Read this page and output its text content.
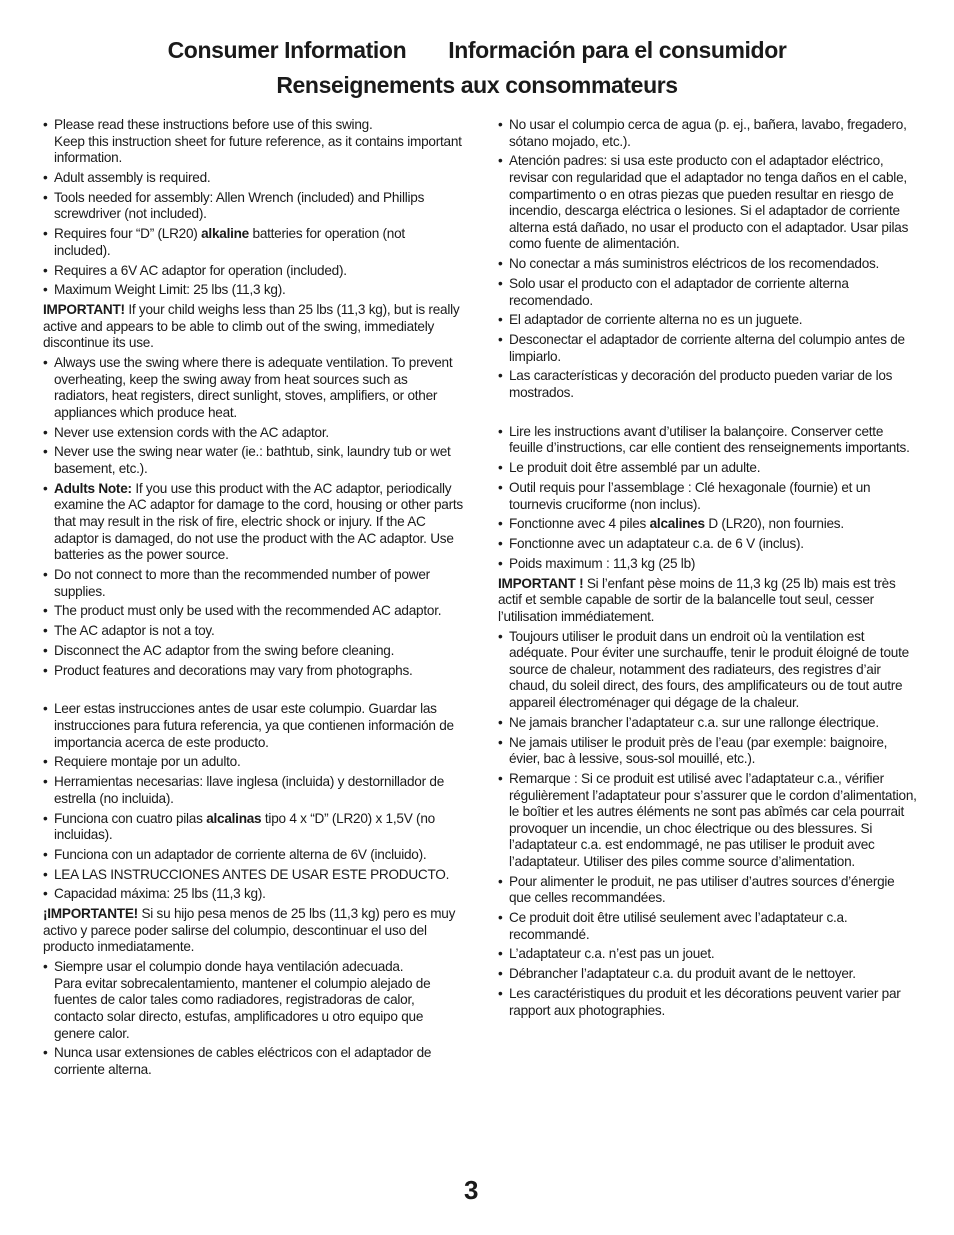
Consumer Information Información para el consumidor
Renseignements aux consommateurs
• Please read these instructions before use of this swing.
Keep this instruction sheet for future reference, as it contains important information.
• Adult assembly is required.
• Tools needed for assembly: Allen Wrench (included) and Phillips screwdriver (not included).
• Requires four “D” (LR20) alkaline batteries for operation (not included).
• Requires a 6V AC adaptor for operation (included).
• Maximum Weight Limit: 25 lbs (11,3 kg).
IMPORTANT! If your child weighs less than 25 lbs (11,3 kg), but is really active and appears to be able to climb out of the swing, immediately discontinue its use.
• Always use the swing where there is adequate ventilation. To prevent overheating, keep the swing away from heat sources such as radiators, heat registers, direct sunlight, stoves, amplifiers, or other appliances which produce heat.
• Never use extension cords with the AC adaptor.
• Never use the swing near water (ie.: bathtub, sink, laundry tub or wet basement, etc.).
• Adults Note: If you use this product with the AC adaptor, periodically examine the AC adaptor for damage to the cord, housing or other parts that may result in the risk of fire, electric shock or injury. If the AC adaptor is damaged, do not use the product with the AC adaptor. Use batteries as the power source.
• Do not connect to more than the recommended number of power supplies.
• The product must only be used with the recommended AC adaptor.
• The AC adaptor is not a toy.
• Disconnect the AC adaptor from the swing before cleaning.
• Product features and decorations may vary from photographs.
• Leer estas instrucciones antes de usar este columpio. Guardar las instrucciones para futura referencia, ya que contienen información de importancia acerca de este producto.
• Requiere montaje por un adulto.
• Herramientas necesarias: llave inglesa (incluida) y destornillador de estrella (no incluida).
• Funciona con cuatro pilas alcalinas tipo 4 x “D” (LR20) x 1,5V (no incluidas).
• Funciona con un adaptador de corriente alterna de 6V (incluido).
• LEA LAS INSTRUCCIONES ANTES DE USAR ESTE PRODUCTO.
• Capacidad máxima: 25 lbs (11,3 kg).
¡IMPORTANTE! Si su hijo pesa menos de 25 lbs (11,3 kg) pero es muy activo y parece poder salirse del columpio, descontinuar el uso del producto inmediatamente.
• Siempre usar el columpio donde haya ventilación adecuada.
Para evitar sobrecalentamiento, mantener el columpio alejado de fuentes de calor tales como radiadores, registradoras de calor, contacto solar directo, estufas, amplificadores u otro equipo que genere calor.
• Nunca usar extensiones de cables eléctricos con el adaptador de corriente alterna.
• No usar el columpio cerca de agua (p. ej., bañera, lavabo, fregadero, sótano mojado, etc.).
• Atención padres: si usa este producto con el adaptador eléctrico, revisar con regularidad que el adaptador no tenga daños en el cable, compartimento o en otras piezas que pueden resultar en riesgo de incendio, descarga eléctrica o lesiones. Si el adaptador de corriente alterna está dañado, no usar el producto con el adaptador. Usar pilas como fuente de alimentación.
• No conectar a más suministros eléctricos de los recomendados.
• Solo usar el producto con el adaptador de corriente alterna recomendado.
• El adaptador de corriente alterna no es un juguete.
• Desconectar el adaptador de corriente alterna del columpio antes de limpiarlo.
• Las características y decoración del producto pueden variar de los mostrados.
• Lire les instructions avant d’utiliser la balançoire. Conserver cette feuille d’instructions, car elle contient des renseignements importants.
• Le produit doit être assemblé par un adulte.
• Outil requis pour l’assemblage : Clé hexagonale (fournie) et un tournevis cruciforme (non inclus).
• Fonctionne avec 4 piles alcalines D (LR20), non fournies.
• Fonctionne avec un adaptateur c.a. de 6 V (inclus).
• Poids maximum : 11,3 kg (25 lb)
IMPORTANT ! Si l’enfant pèse moins de 11,3 kg (25 lb) mais est très actif et semble capable de sortir de la balancelle tout seul, cesser l’utilisation immédiatement.
• Toujours utiliser le produit dans un endroit où la ventilation est adéquate. Pour éviter une surchauffe, tenir le produit éloigné de toute source de chaleur, notamment des radiateurs, des registres d’air chaud, du soleil direct, des fours, des amplificateurs ou de tout autre appareil électroménager qui dégage de la chaleur.
• Ne jamais brancher l’adaptateur c.a. sur une rallonge électrique.
• Ne jamais utiliser le produit près de l’eau (par exemple: baignoire, évier, bac à lessive, sous-sol mouillé, etc.).
• Remarque : Si ce produit est utilisé avec l’adaptateur c.a., vérifier régulièrement l’adaptateur pour s’assurer que le cordon d’alimentation, le boîtier et les autres éléments ne sont pas abîmés car cela pourrait provoquer un incendie, un choc électrique ou des blessures. Si l’adaptateur c.a. est endommagé, ne pas utiliser le produit avec l’adaptateur. Utiliser des piles comme source d’alimentation.
• Pour alimenter le produit, ne pas utiliser d’autres sources d’énergie que celles recommandées.
• Ce produit doit être utilisé seulement avec l’adaptateur c.a. recommandé.
• L’adaptateur c.a. n’est pas un jouet.
• Débrancher l’adaptateur c.a. du produit avant de le nettoyer.
• Les caractéristiques du produit et les décorations peuvent varier par rapport aux photographies.
3
